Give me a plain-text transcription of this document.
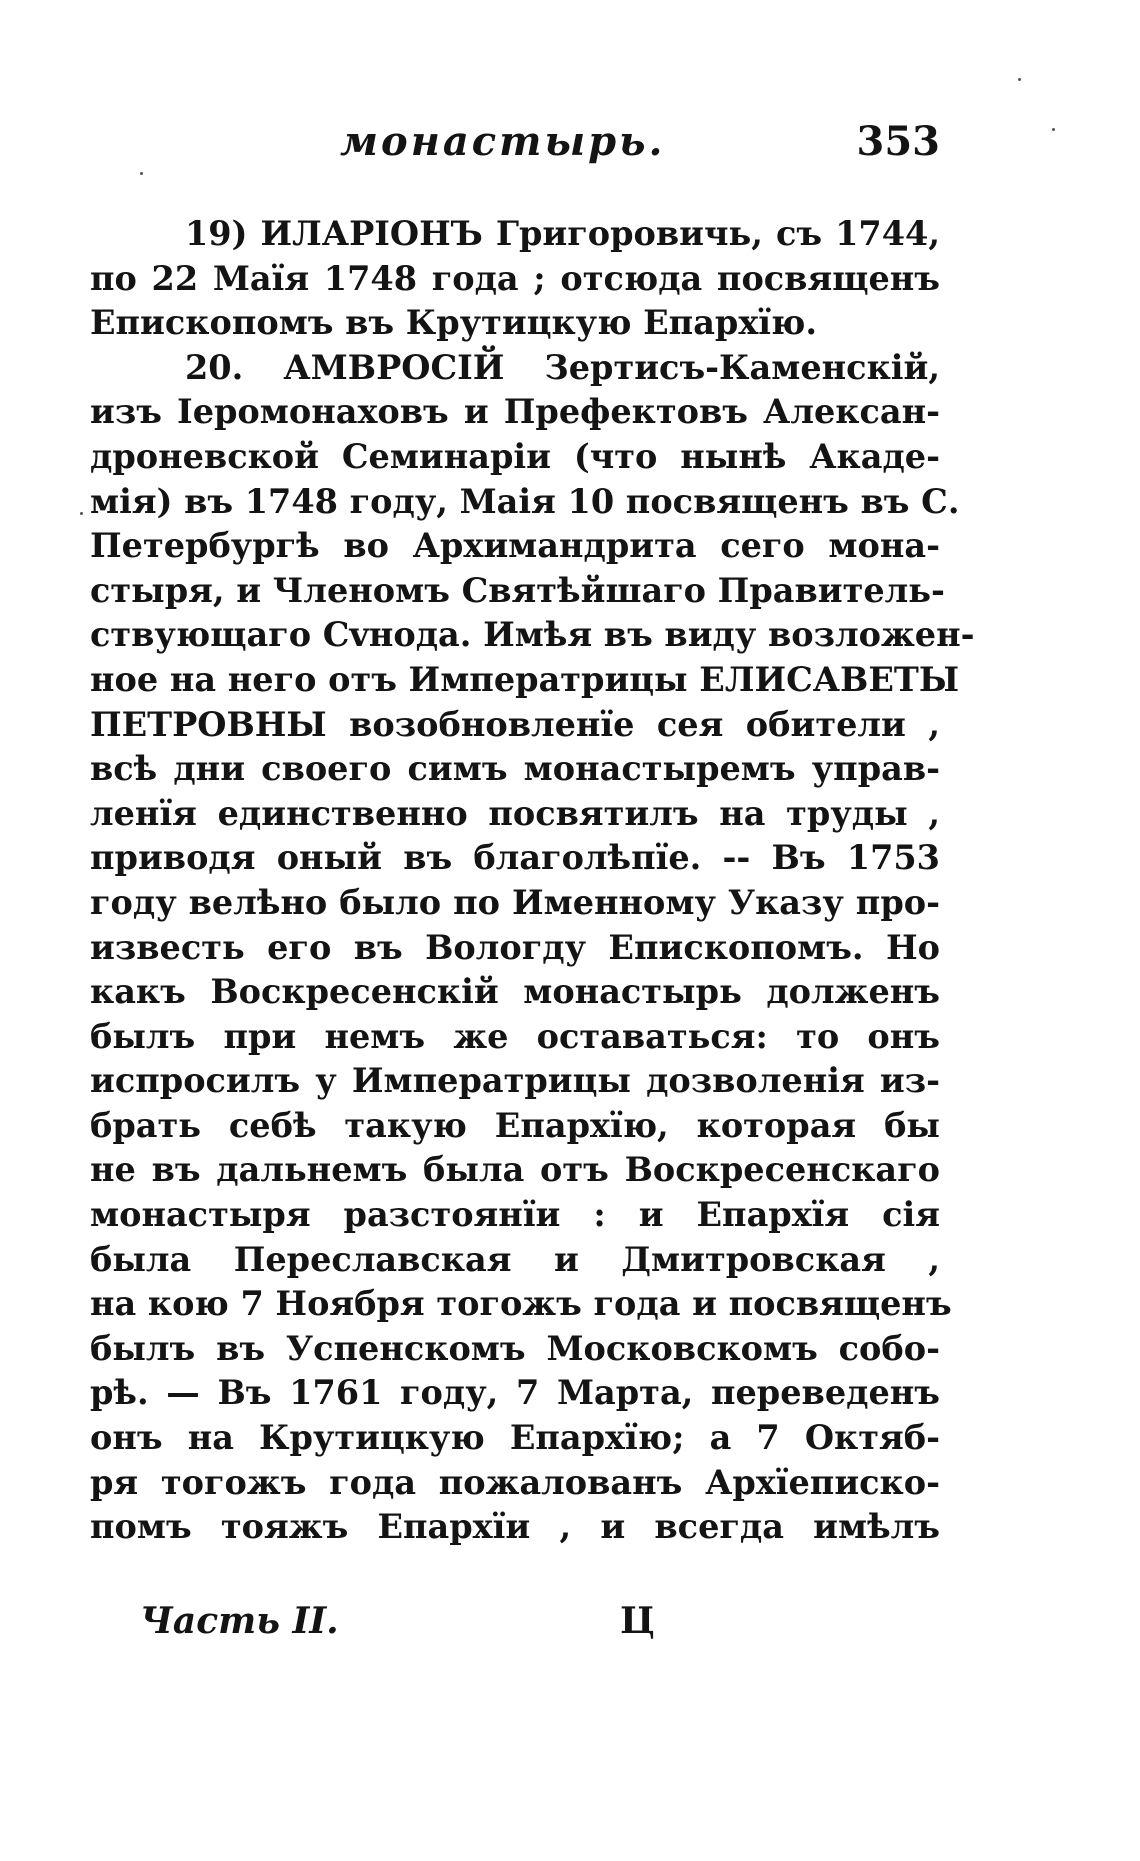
монастырь.	353
19) ИЛАРІОНЪ Григоровичь, съ 1744,
по 22 Маїя 1748 года ; отсюда посвященъ
Епископомъ въ Крутицкую Епархїю.
20. АМВРОСІЙ Зертисъ-Каменскій,
изъ Іеромонаховъ и Префектовъ Алексан-
дроневской Семинаріи (что нынѣ Акаде-
мія) въ 1748 году, Маія 10 посвященъ въ С.
Петербургѣ во Архимандрита сего мона-
стыря, и Членомъ Святѣйшаго Правитель-
ствующаго Сvнода. Имѣя въ виду возложен-
ное на него отъ Императрицы ЕЛИСАВЕТЫ
ПЕТРОВНЫ возобновленїе сея обители ,
всѣ дни своего симъ монастыремъ управ-
ленїя единственно посвятилъ на труды ,
приводя оный въ благолѣпїе. -- Въ 1753
году велѣно было по Именному Указу про-
известь его въ Вологду Епископомъ. Но
какъ Воскресенскій монастырь долженъ
былъ при немъ же оставаться: то онъ
испросилъ у Императрицы дозволенія из-
брать себѣ такую Епархїю, которая бы
не въ дальнемъ была отъ Воскресенскаго
монастыря разстоянїи : и Епархїя сія
была Переславская и Дмитровская ,
на кою 7 Ноября тогожъ года и посвященъ
былъ въ Успенскомъ Московскомъ собо-
рѣ. — Въ 1761 году, 7 Марта, переведенъ
онъ на Крутицкую Епархїю; а 7 Октяб-
ря тогожъ года пожалованъ Архїеписко-
помъ тояжъ Епархїи , и всегда имѣлъ
Часть II.	Ц
